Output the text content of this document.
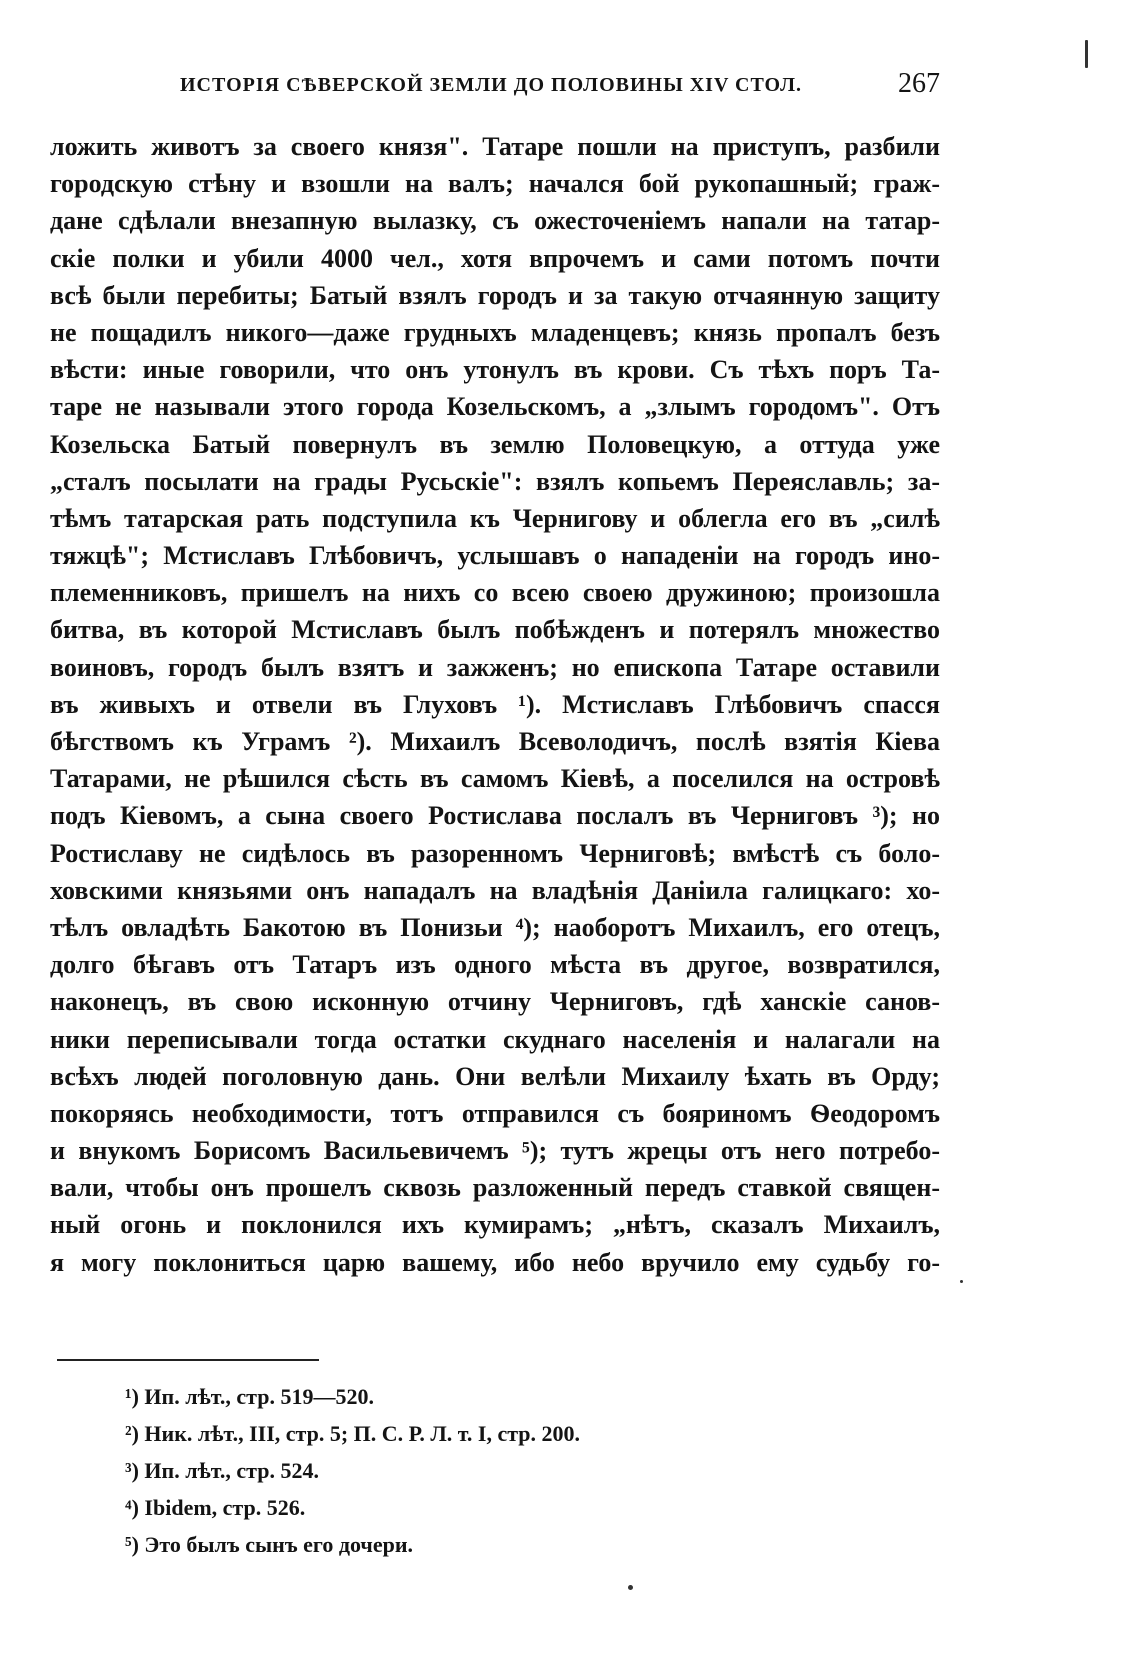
ИСТОРІЯ СѢВЕРСКОЙ ЗЕМЛИ ДО ПОЛОВИНЫ XIV СТОЛ.	267
ложить животъ за своего князя". Татаре пошли на приступъ, разбили
городскую стѣну и взошли на валъ; начался бой рукопашный; граж-
дане сдѣлали внезапную вылазку, съ ожесточеніемъ напали на татар-
скіе полки и убили 4000 чел., хотя впрочемъ и сами потомъ почти
всѣ были перебиты; Батый взялъ городъ и за такую отчаянную защиту
не пощадилъ никого—даже грудныхъ младенцевъ; князь пропалъ безъ
вѣсти: иные говорили, что онъ утонулъ въ крови. Съ тѣхъ поръ Та-
таре не называли этого города Козельскомъ, а „злымъ городомъ". Отъ
Козельска Батый повернулъ въ землю Половецкую, а оттуда уже
„сталъ посылати на грады Русьскіе": взялъ копьемъ Переяславль; за-
тѣмъ татарская рать подступила къ Чернигову и облегла его въ „силѣ
тяжцѣ"; Мстиславъ Глѣбовичъ, услышавъ о нападеніи на городъ ино-
племенниковъ, пришелъ на нихъ со всею своею дружиною; произошла
битва, въ которой Мстиславъ былъ побѣжденъ и потерялъ множество
воиновъ, городъ былъ взятъ и зажженъ; но епископа Татаре оставили
въ живыхъ и отвели въ Глуховъ ¹). Мстиславъ Глѣбовичъ спасся
бѣгствомъ къ Уграмъ ²). Михаилъ Всеволодичъ, послѣ взятія Кіева
Татарами, не рѣшился сѣсть въ самомъ Кіевѣ, а поселился на островѣ
подъ Кіевомъ, а сына своего Ростислава послалъ въ Черниговъ ³); но
Ростиславу не сидѣлось въ разоренномъ Черниговѣ; вмѣстѣ съ боло-
ховскими князьями онъ нападалъ на владѣнія Даніила галицкаго: хо-
тѣлъ овладѣть Бакотою въ Понизьи ⁴); наоборотъ Михаилъ, его отецъ,
долго бѣгавъ отъ Татаръ изъ одного мѣста въ другое, возвратился,
наконецъ, въ свою исконную отчину Черниговъ, гдѣ ханскіе санов-
ники переписывали тогда остатки скуднаго населенія и налагали на
всѣхъ людей поголовную дань. Они велѣли Михаилу ѣхать въ Орду;
покоряясь необходимости, тотъ отправился съ бояриномъ Ѳеодоромъ
и внукомъ Борисомъ Васильевичемъ ⁵); тутъ жрецы отъ него потребо-
вали, чтобы онъ прошелъ сквозь разложенный передъ ставкой священ-
ный огонь и поклонился ихъ кумирамъ; „нѣтъ, сказалъ Михаилъ,
я могу поклониться царю вашему, ибо небо вручило ему судьбу го-
¹) Ип. лѣт., стр. 519—520.
²) Ник. лѣт., III, стр. 5; П. С. Р. Л. т. I, стр. 200.
³) Ип. лѣт., стр. 524.
⁴) Ibidem, стр. 526.
⁵) Это былъ сынъ его дочери.
